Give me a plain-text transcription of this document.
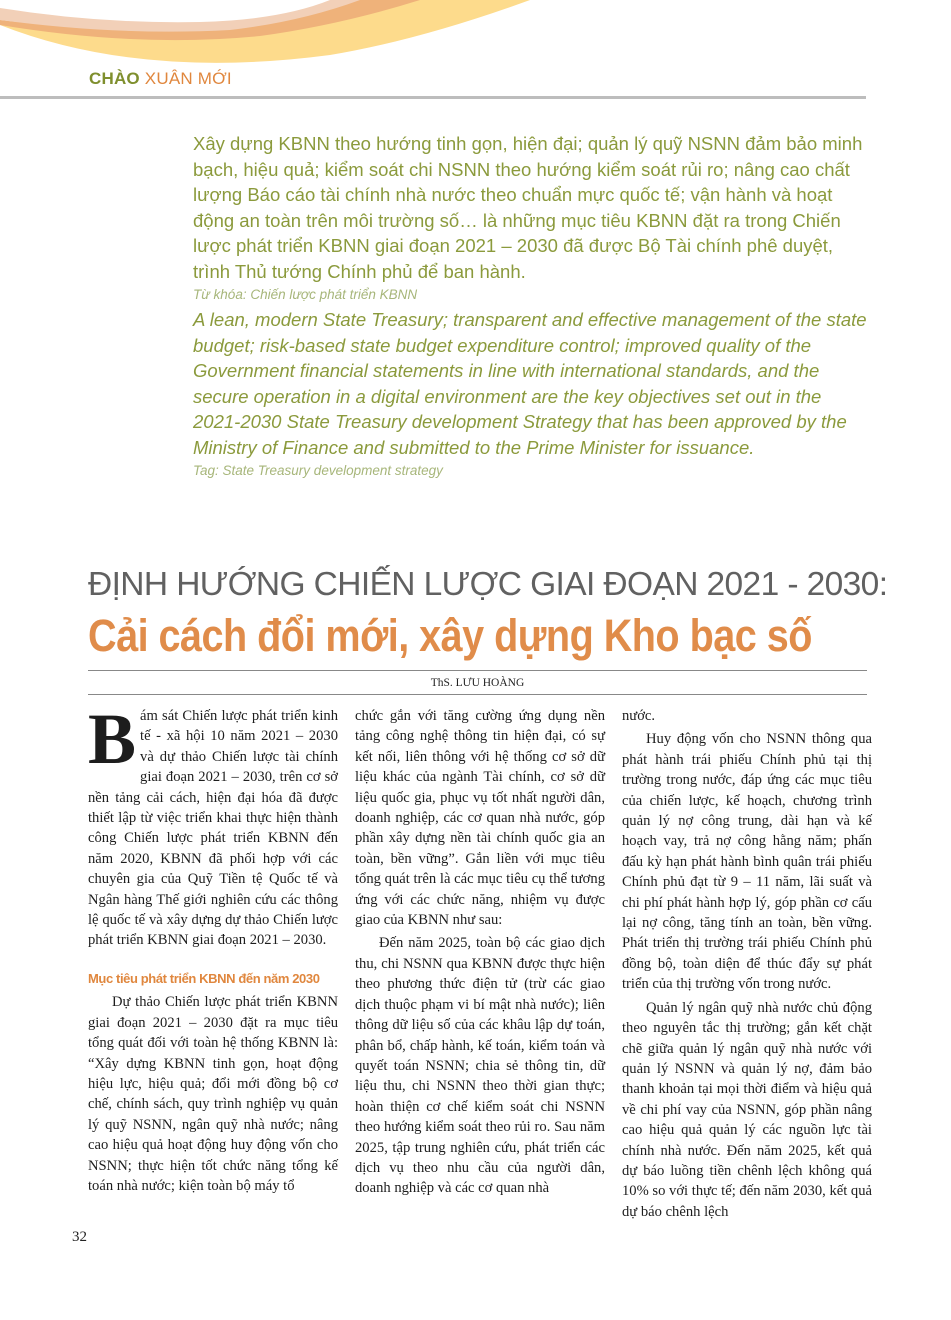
CHÀO XUÂN MỚI

Xây dựng KBNN theo hướng tinh gọn, hiện đại; quản lý quỹ NSNN đảm bảo minh bạch, hiệu quả; kiểm soát chi NSNN theo hướng kiểm soát rủi ro; nâng cao chất lượng Báo cáo tài chính nhà nước theo chuẩn mực quốc tế; vận hành và hoạt động an toàn trên môi trường số… là những mục tiêu KBNN đặt ra trong Chiến lược phát triển KBNN giai đoạn 2021 – 2030 đã được Bộ Tài chính phê duyệt, trình Thủ tướng Chính phủ để ban hành.

Từ khóa: Chiến lược phát triển KBNN

A lean, modern State Treasury; transparent and effective management of the state budget; risk-based state budget expenditure control; improved quality of the Government financial statements in line with international standards, and the secure operation in a digital environment are the key objectives set out in the 2021-2030 State Treasury development Strategy that has been approved by the Ministry of Finance and submitted to the Prime Minister for issuance.

Tag: State Treasury development strategy

ĐỊNH HƯỚNG CHIẾN LƯỢC GIAI ĐOẠN 2021 - 2030:
Cải cách đổi mới, xây dựng Kho bạc số
ThS. LƯU HOÀNG

Bám sát Chiến lược phát triển kinh tế - xã hội 10 năm 2021 – 2030 và dự thảo Chiến lược tài chính giai đoạn 2021 – 2030, trên cơ sở nền tảng cải cách, hiện đại hóa đã được thiết lập từ việc triển khai thực hiện thành công Chiến lược phát triển KBNN đến năm 2020, KBNN đã phối hợp với các chuyên gia của Quỹ Tiền tệ Quốc tế và Ngân hàng Thế giới nghiên cứu các thông lệ quốc tế và xây dựng dự thảo Chiến lược phát triển KBNN giai đoạn 2021 – 2030.

Mục tiêu phát triển KBNN đến năm 2030

Dự thảo Chiến lược phát triển KBNN giai đoạn 2021 – 2030 đặt ra mục tiêu tổng quát đối với toàn hệ thống KBNN là: “Xây dựng KBNN tinh gọn, hoạt động hiệu lực, hiệu quả; đổi mới đồng bộ cơ chế, chính sách, quy trình nghiệp vụ quản lý quỹ NSNN, ngân quỹ nhà nước; nâng cao hiệu quả hoạt động huy động vốn cho NSNN; thực hiện tốt chức năng tổng kế toán nhà nước; kiện toàn bộ máy tổ

chức gắn với tăng cường ứng dụng nền tảng công nghệ thông tin hiện đại, có sự kết nối, liên thông với hệ thống cơ sở dữ liệu khác của ngành Tài chính, cơ sở dữ liệu quốc gia, phục vụ tốt nhất người dân, doanh nghiệp, các cơ quan nhà nước, góp phần xây dựng nền tài chính quốc gia an toàn, bền vững”. Gắn liền với mục tiêu tổng quát trên là các mục tiêu cụ thể tương ứng với các chức năng, nhiệm vụ được giao của KBNN như sau:

Đến năm 2025, toàn bộ các giao dịch thu, chi NSNN qua KBNN được thực hiện theo phương thức điện tử (trừ các giao dịch thuộc phạm vi bí mật nhà nước); liên thông dữ liệu số của các khâu lập dự toán, phân bổ, chấp hành, kế toán, kiểm toán và quyết toán NSNN; chia sẻ thông tin, dữ liệu thu, chi NSNN theo thời gian thực; hoàn thiện cơ chế kiểm soát chi NSNN theo hướng kiểm soát theo rủi ro. Sau năm 2025, tập trung nghiên cứu, phát triển các dịch vụ theo nhu cầu của người dân, doanh nghiệp và các cơ quan nhà

nước.

Huy động vốn cho NSNN thông qua phát hành trái phiếu Chính phủ tại thị trường trong nước, đáp ứng các mục tiêu của chiến lược, kế hoạch, chương trình quản lý nợ công trung, dài hạn và kế hoạch vay, trả nợ công hằng năm; phấn đấu kỳ hạn phát hành bình quân trái phiếu Chính phủ đạt từ 9 – 11 năm, lãi suất và chi phí phát hành hợp lý, góp phần cơ cấu lại nợ công, tăng tính an toàn, bền vững. Phát triển thị trường trái phiếu Chính phủ đồng bộ, toàn diện để thúc đẩy sự phát triển của thị trường vốn trong nước.

Quản lý ngân quỹ nhà nước chủ động theo nguyên tắc thị trường; gắn kết chặt chẽ giữa quản lý ngân quỹ nhà nước với quản lý NSNN và quản lý nợ, đảm bảo thanh khoản tại mọi thời điểm và hiệu quả về chi phí vay của NSNN, góp phần nâng cao hiệu quả quản lý các nguồn lực tài chính nhà nước. Đến năm 2025, kết quả dự báo luồng tiền chênh lệch không quá 10% so với thực tế; đến năm 2030, kết quả dự báo chênh lệch

32
